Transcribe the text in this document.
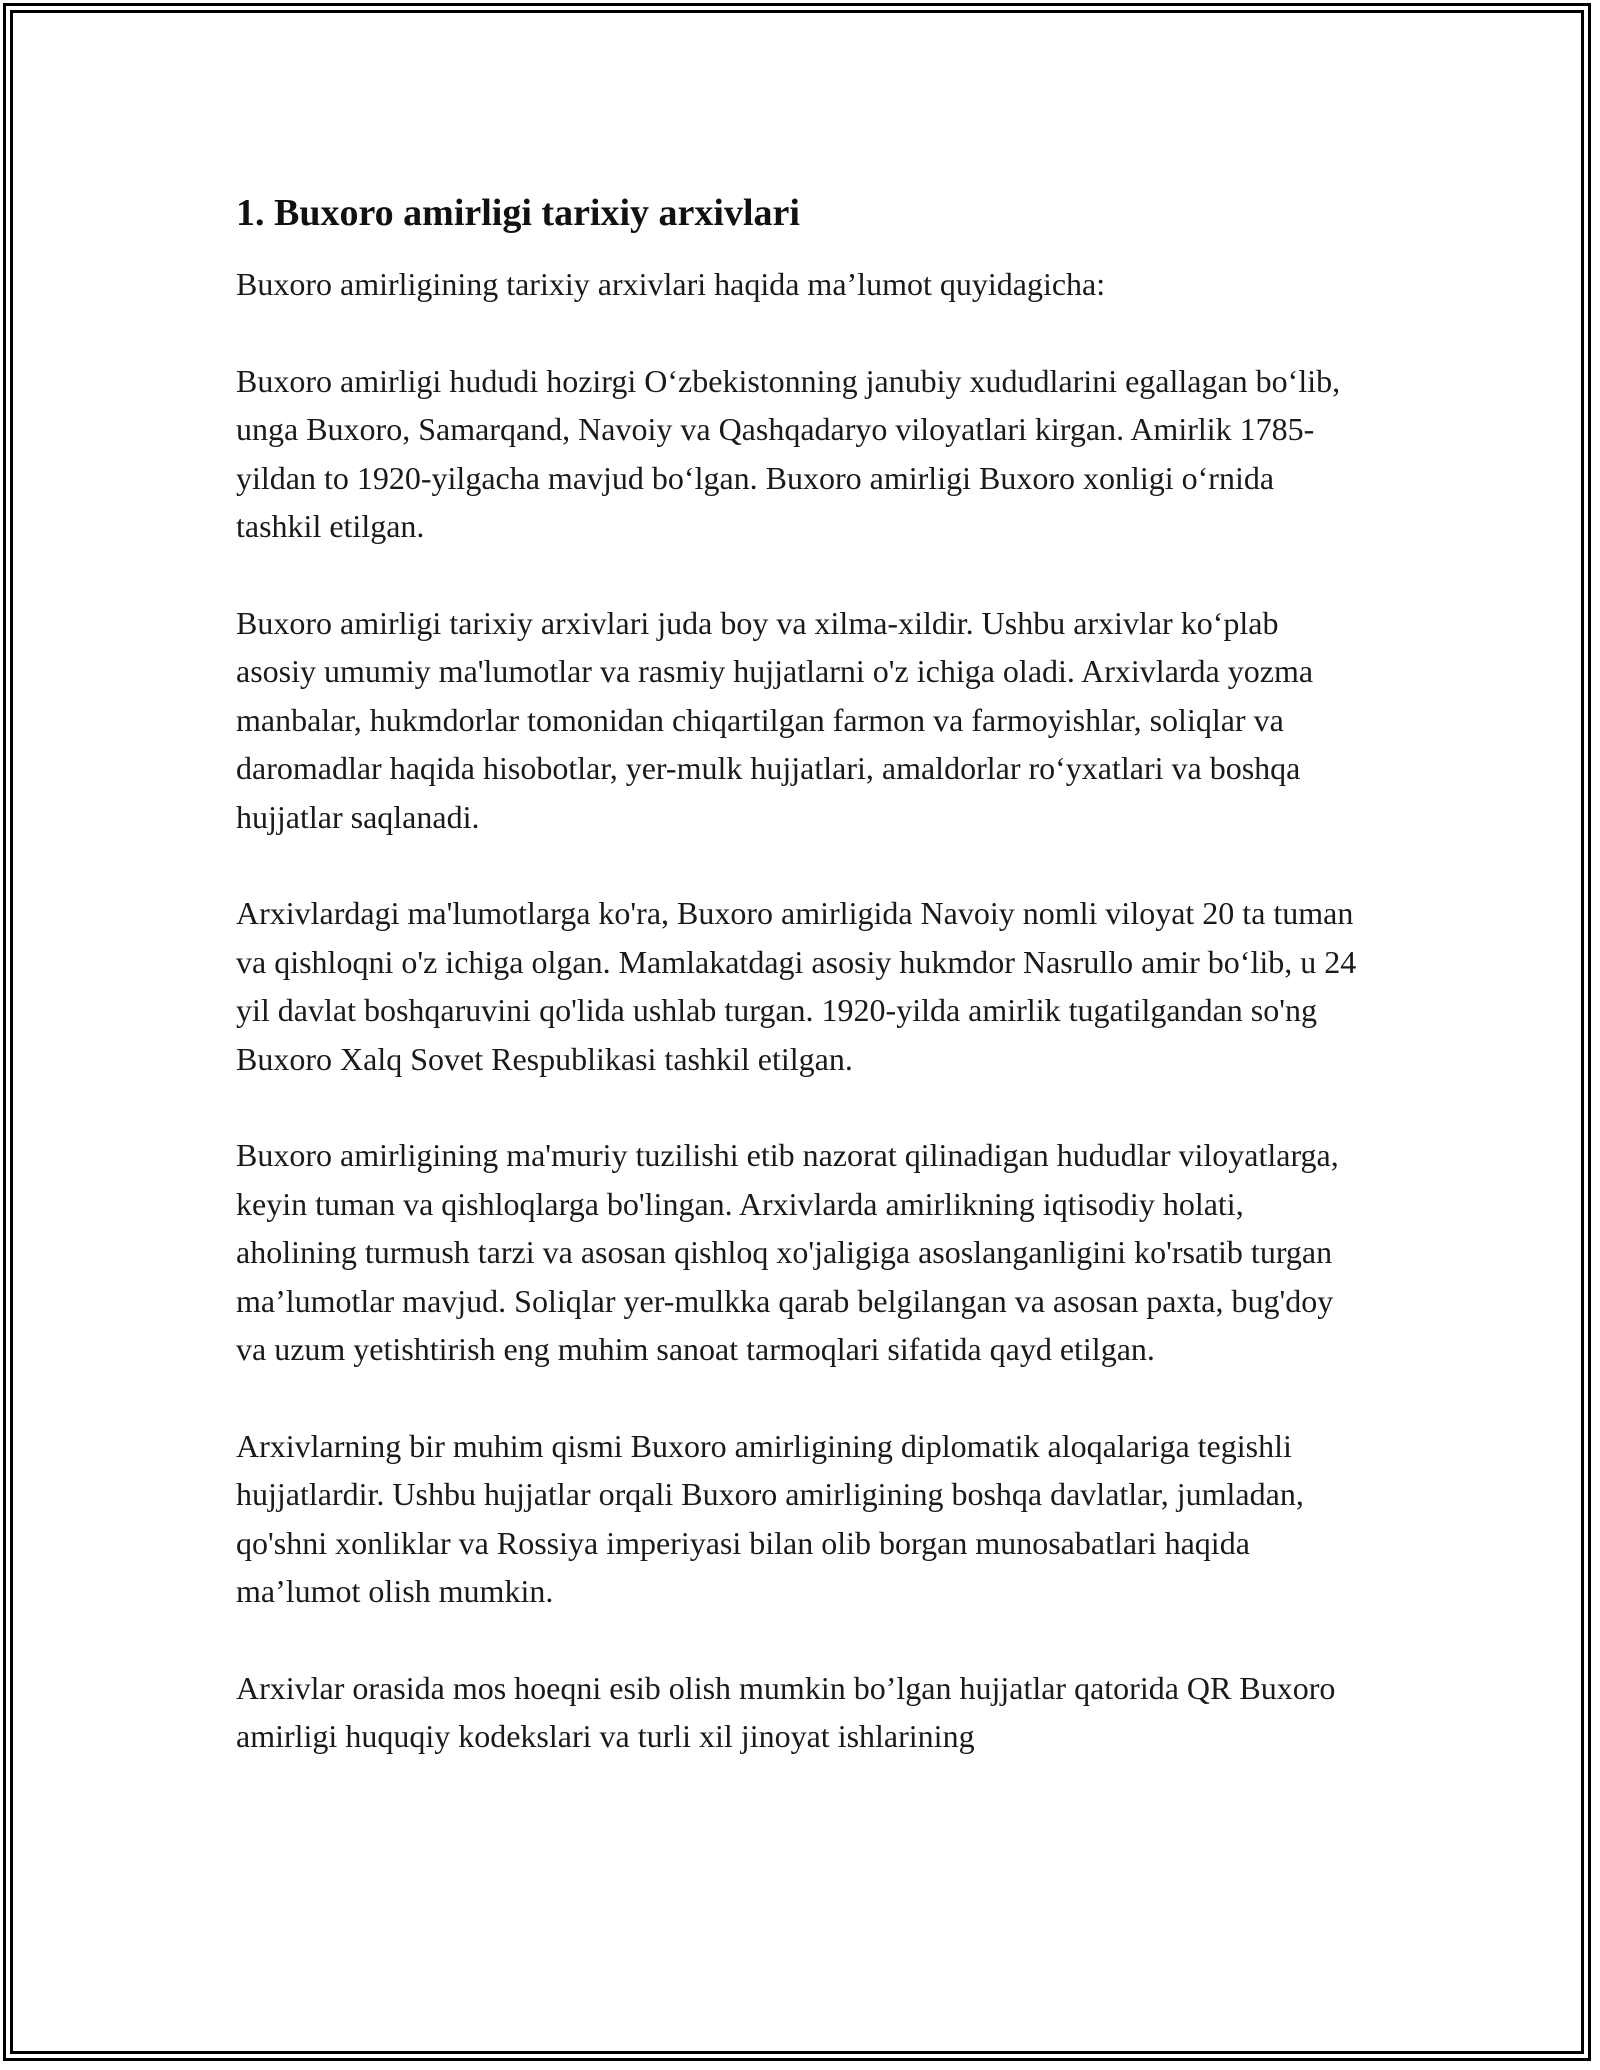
1. Buxoro amirligi tarixiy arxivlari

Buxoro amirligining tarixiy arxivlari haqida ma’lumot quyidagicha:

Buxoro amirligi hududi hozirgi O‘zbekistonning janubiy xududlarini egallagan bo‘lib, unga Buxoro, Samarqand, Navoiy va Qashqadaryo viloyatlari kirgan. Amirlik 1785-yildan to 1920-yilgacha mavjud bo‘lgan. Buxoro amirligi Buxoro xonligi o‘rnida tashkil etilgan.

Buxoro amirligi tarixiy arxivlari juda boy va xilma-xildir. Ushbu arxivlar ko‘plab asosiy umumiy ma'lumotlar va rasmiy hujjatlarni o'z ichiga oladi. Arxivlarda yozma manbalar, hukmdorlar tomonidan chiqartilgan farmon va farmoyishlar, soliqlar va daromadlar haqida hisobotlar, yer-mulk hujjatlari, amaldorlar ro‘yxatlari va boshqa hujjatlar saqlanadi.

Arxivlardagi ma'lumotlarga ko'ra, Buxoro amirligida Navoiy nomli viloyat 20 ta tuman va qishloqni o'z ichiga olgan. Mamlakatdagi asosiy hukmdor Nasrullo amir bo‘lib, u 24 yil davlat boshqaruvini qo'lida ushlab turgan. 1920-yilda amirlik tugatilgandan so'ng Buxoro Xalq Sovet Respublikasi tashkil etilgan.

Buxoro amirligining ma'muriy tuzilishi etib nazorat qilinadigan hududlar viloyatlarga, keyin tuman va qishloqlarga bo'lingan. Arxivlarda amirlikning iqtisodiy holati, aholining turmush tarzi va asosan qishloq xo'jaligiga asoslanganligini ko'rsatib turgan ma’lumotlar mavjud. Soliqlar yer-mulkka qarab belgilangan va asosan paxta, bug'doy va uzum yetishtirish eng muhim sanoat tarmoqlari sifatida qayd etilgan.

Arxivlarning bir muhim qismi Buxoro amirligining diplomatik aloqalariga tegishli hujjatlardir. Ushbu hujjatlar orqali Buxoro amirligining boshqa davlatlar, jumladan, qo'shni xonliklar va Rossiya imperiyasi bilan olib borgan munosabatlari haqida ma’lumot olish mumkin.

Arxivlar orasida mos hoeqni esib olish mumkin bo’lgan hujjatlar qatorida QR Buxoro amirligi huquqiy kodekslari va turli xil jinoyat ishlarining
